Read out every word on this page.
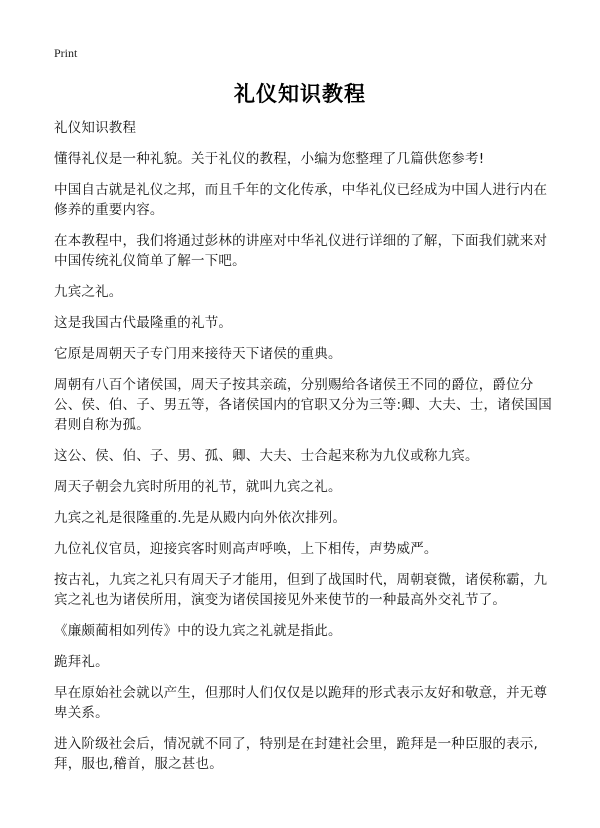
Print
礼仪知识教程

礼仪知识教程

懂得礼仪是一种礼貌。关于礼仪的教程，小编为您整理了几篇供您参考!

中国自古就是礼仪之邦，而且千年的文化传承，中华礼仪已经成为中国人进行内在修养的重要内容。

在本教程中，我们将通过彭林的讲座对中华礼仪进行详细的了解，下面我们就来对中国传统礼仪简单了解一下吧。

九宾之礼。

这是我国古代最隆重的礼节。

它原是周朝天子专门用来接待天下诸侯的重典。

周朝有八百个诸侯国，周天子按其亲疏，分别赐给各诸侯王不同的爵位，爵位分公、侯、伯、子、男五等，各诸侯国内的官职又分为三等:卿、大夫、士，诸侯国国君则自称为孤。

这公、侯、伯、子、男、孤、卿、大夫、士合起来称为九仪或称九宾。

周天子朝会九宾时所用的礼节，就叫九宾之礼。

九宾之礼是很隆重的.先是从殿内向外依次排列。

九位礼仪官员，迎接宾客时则高声呼唤，上下相传，声势威严。

按古礼，九宾之礼只有周天子才能用，但到了战国时代，周朝衰微，诸侯称霸，九宾之礼也为诸侯所用，演变为诸侯国接见外来使节的一种最高外交礼节了。

《廉颇蔺相如列传》中的设九宾之礼就是指此。

跪拜礼。

早在原始社会就以产生，但那时人们仅仅是以跪拜的形式表示友好和敬意，并无尊卑关系。

进入阶级社会后，情况就不同了，特别是在封建社会里，跪拜是一种臣服的表示,拜，服也,稽首，服之甚也。
